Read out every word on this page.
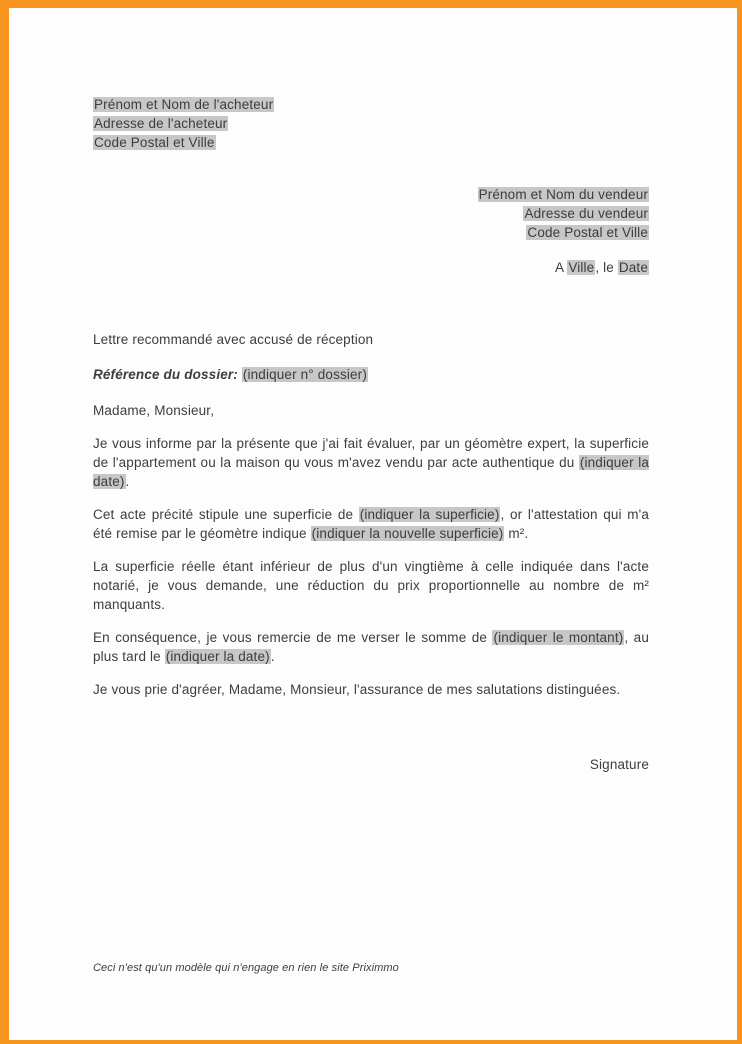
Prénom et Nom de l'acheteur
Adresse de l'acheteur
Code Postal et Ville
Prénom et Nom du vendeur
Adresse du vendeur
Code Postal et Ville
A Ville, le Date
Lettre recommandé avec accusé de réception
Référence du dossier: (indiquer n° dossier)
Madame, Monsieur,

Je vous informe par la présente que j'ai fait évaluer, par un géomètre expert, la superficie de l'appartement ou la maison qu vous m'avez vendu par acte authentique du (indiquer la date).

Cet acte précité stipule une superficie de (indiquer la superficie), or l'attestation qui m'a été remise par le géomètre indique (indiquer la nouvelle superficie) m².

La superficie réelle étant inférieur de plus d'un vingtième à celle indiquée dans l'acte notarié, je vous demande, une réduction du prix proportionnelle au nombre de m² manquants.

En conséquence, je vous remercie de me verser le somme de (indiquer le montant), au plus tard le (indiquer la date).

Je vous prie d'agréer, Madame, Monsieur, l'assurance de mes salutations distinguées.

Signature
Ceci n'est qu'un modèle qui n'engage en rien le site Priximmo
